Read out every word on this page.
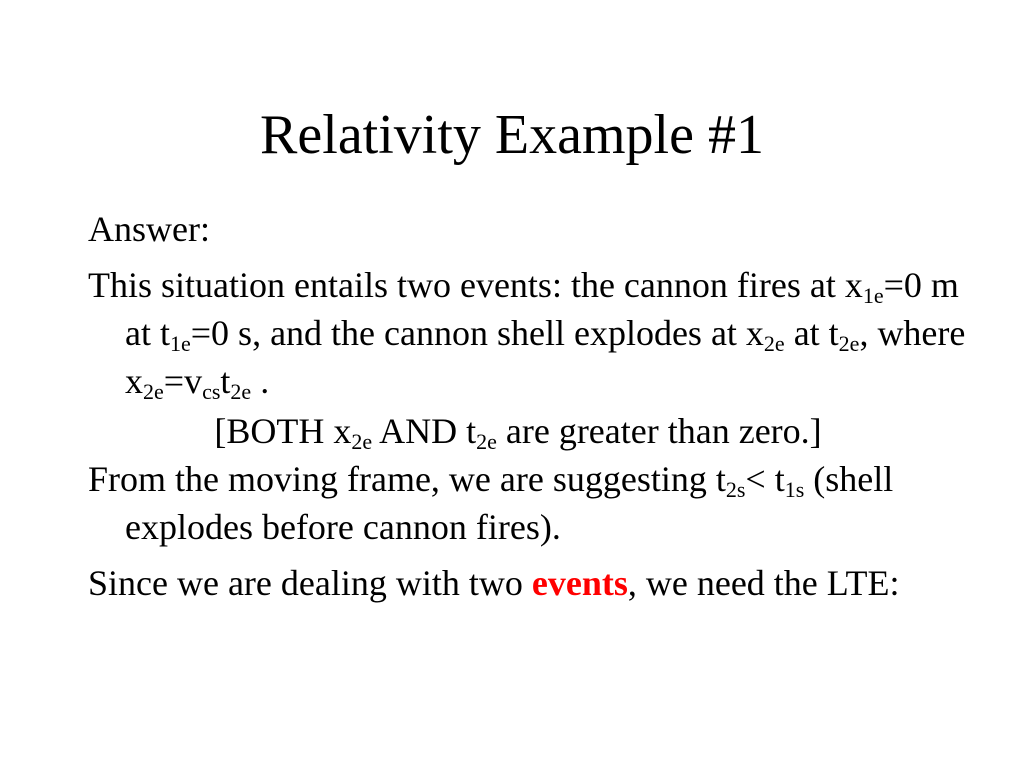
Relativity Example #1

Answer:

This situation entails two events: the cannon fires at $x_{1e}=0$ m at $t_{1e}=0$ s, and the cannon shell explodes at $x_{2e}$ at $t_{2e}$, where $x_{2e}=v_{cs}t_{2e}$ .

[BOTH $x_{2e}$ AND $t_{2e}$ are greater than zero.]

From the moving frame, we are suggesting $t_{2s}< t_{1s}$ (shell explodes before cannon fires).

Since we are dealing with two events, we need the LTE:
